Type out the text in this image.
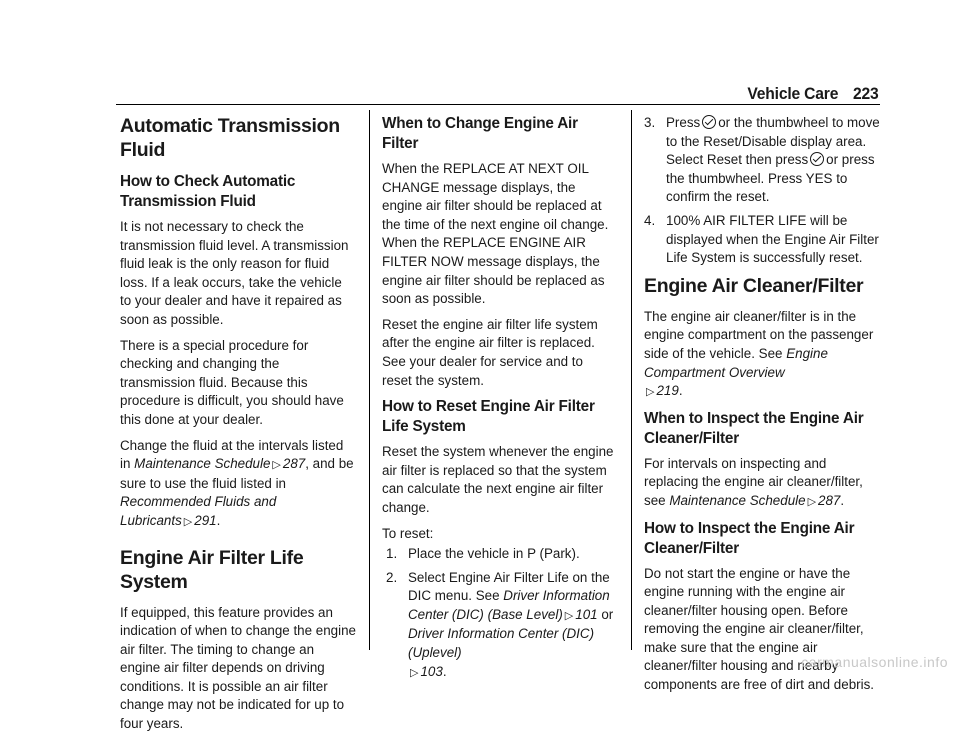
Vehicle Care 223
Automatic Transmission Fluid
How to Check Automatic Transmission Fluid

It is not necessary to check the transmission fluid level. A transmission fluid leak is the only reason for fluid loss. If a leak occurs, take the vehicle to your dealer and have it repaired as soon as possible.

There is a special procedure for checking and changing the transmission fluid. Because this procedure is difficult, you should have this done at your dealer.

Change the fluid at the intervals listed in Maintenance Schedule ▷ 287, and be sure to use the fluid listed in Recommended Fluids and Lubricants ▷ 291.

Engine Air Filter Life System

If equipped, this feature provides an indication of when to change the engine air filter. The timing to change an engine air filter depends on driving conditions. It is possible an air filter change may not be indicated for up to four years.

When to Change Engine Air Filter

When the REPLACE AT NEXT OIL CHANGE message displays, the engine air filter should be replaced at the time of the next engine oil change. When the REPLACE ENGINE AIR FILTER NOW message displays, the engine air filter should be replaced as soon as possible.

Reset the engine air filter life system after the engine air filter is replaced. See your dealer for service and to reset the system.

How to Reset Engine Air Filter Life System

Reset the system whenever the engine air filter is replaced so that the system can calculate the next engine air filter change.

To reset:

1. Place the vehicle in P (Park).
2. Select Engine Air Filter Life on the DIC menu. See Driver Information Center (DIC) (Base Level) ▷ 101 or
Driver Information Center (DIC) (Uplevel)
▷ 103.
3. Press or the thumbwheel to move to the Reset/Disable display area. Select Reset then press or press the thumbwheel. Press YES to confirm the reset.
4. 100% AIR FILTER LIFE will be displayed when the Engine Air Filter Life System is successfully reset.
Engine Air Cleaner/Filter

The engine air cleaner/filter is in the engine compartment on the passenger side of the vehicle. See Engine Compartment Overview
▷ 219.

When to Inspect the Engine Air Cleaner/Filter

For intervals on inspecting and replacing the engine air cleaner/filter, see Maintenance Schedule ▷ 287.

How to Inspect the Engine Air Cleaner/Filter

Do not start the engine or have the engine running with the engine air cleaner/filter housing open. Before removing the engine air cleaner/filter, make sure that the engine air cleaner/filter housing and nearby components are free of dirt and debris.

carmanualsonline.info
